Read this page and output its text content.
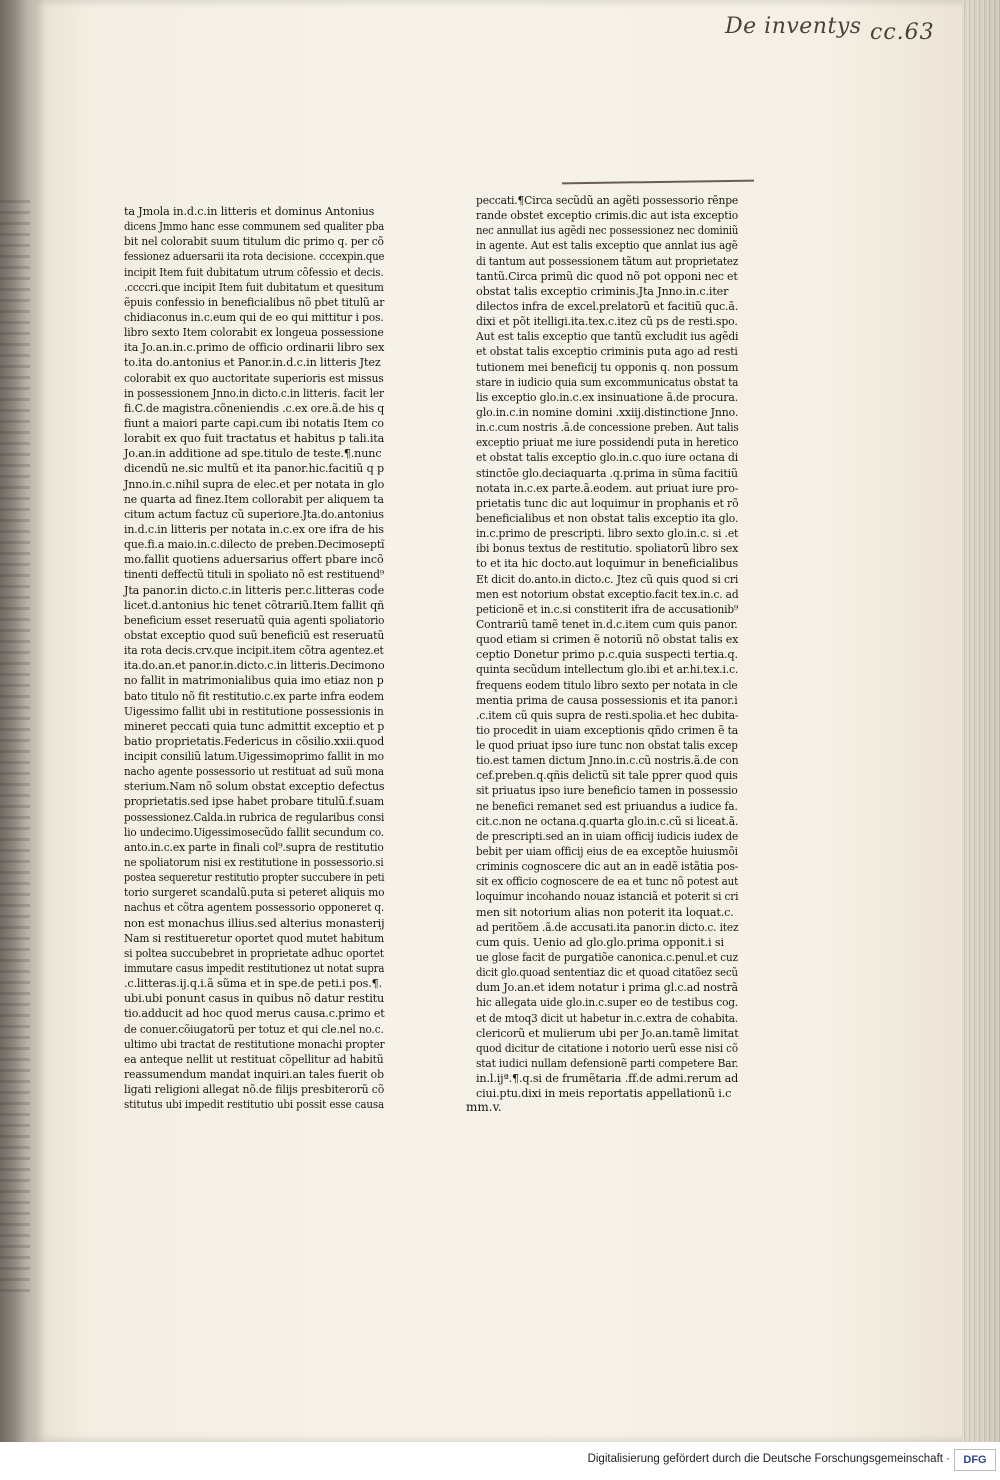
De inventys cc.63
ta Jmola in.d.c.in litteris et dominus Antonius
dicens Jmmo hanc esse communem sed qualiter pba
bit nel colorabit suum titulum dic primo q. per cõ
fessionez aduersarii ita rota decisione. cccexpin.que
incipit Item fuit dubitatum utrum cõfessio et decis.
.ccccri.que incipit Item fuit dubitatum et quesitum
ẽpuis confessio in beneficialibus nõ pbet titulũ ar
chidiaconus in.c.eum qui de eo qui mittitur i pos.
libro sexto Item colorabit ex longeua possessione
ita Jo.an.in.c.primo de officio ordinarii libro sex
to.ita do.antonius et Panor.in.d.c.in litteris Jtez
colorabit ex quo auctoritate superioris est missus
in possessionem Jnno.in dicto.c.in litteris. facit ler
fi.C.de magistra.cõneniendis .c.ex ore.ã.de his q
fiunt a maiori parte capi.cum ibi notatis Item co
lorabit ex quo fuit tractatus et habitus p tali.ita
Jo.an.in additione ad spe.titulo de teste.¶.nunc
dicendũ ne.sic multũ et ita panor.hic.facitiũ q p
Jnno.in.c.nihil supra de elec.et per notata in glo
ne quarta ad finez.Item collorabit per aliquem ta
citum actum factuz cũ superiore.Jta.do.antonius
in.d.c.in litteris per notata in.c.ex ore ifra de his
que.fi.a maio.in.c.dilecto de preben.Decimoseptĩ
mo.fallit quotiens aduersarius offert pbare incõ
tinenti deffectũ tituli in spoliato nõ est restituend⁹
Jta panor.in dicto.c.in litteris per.c.litteras coḋe
licet.d.antonius hic tenet cõtrariũ.Item fallit qñ
beneficium esset reseruatũ quia agenti spoliatorio
obstat exceptio quod suũ beneficiũ est reseruatũ
ita rota decis.crv.que incipit.item cõtra agentez.et
ita.do.an.et panor.in.dicto.c.in litteris.Decimono
no fallit in matrimonialibus quia imo etiaz non p
bato titulo nõ fit restitutio.c.ex parte infra eodem
Uigessimo fallit ubi in restitutione possessionis in
mineret peccati quia tunc admittit exceptio et p
batio proprietatis.Federicus in cõsilio.xxii.quod
incipit consiliũ latum.Uigessimoprimo fallit in mo
nacho agente possessorio ut restituat ad suũ mona
sterium.Nam nõ solum obstat exceptio defectus
proprietatis.sed ipse habet probare titulũ.f.suam
possessionez.Calda.in rubrica de regularibus consi
lio undecimo.Uigessimosecũdo fallit secundum co.
anto.in.c.ex parte in finali col⁹.supra de restitutio
ne spoliatorum nisi ex restitutione in possessorio.si
postea sequeretur restitutio propter succubere in peti
torio surgeret scandalũ.puta si peteret aliquis mo
nachus et cõtra agentem possessorio opponeret q.
non est monachus illius.sed alterius monasterij
Nam si restitueretur oportet quod mutet habitum
si poltea succubebret in proprietate adhuc oportet
immutare casus impedit restitutionez ut notat supra
.c.litteras.ij.q.i.ã sũma et in spe.de peti.i pos.¶.
ubi.ubi ponunt casus in quibus nõ datur restitu
tio.adducit ad hoc quod merus causa.c.primo et
de conuer.cõiugatorũ per totuz et qui cle.nel no.c.
ultimo ubi tractat de restitutione monachi propter
ea anteque nellit ut restituat cõpellitur ad habitũ
reassumendum mandat inquiri.an tales fuerit ob
ligati religioni allegat nõ.de filijs presbiterorũ cõ
stitutus ubi impedit restitutio ubi possit esse causa
peccati.¶Circa secũdũ an agẽti possessorio rẽnpe
rande obstet exceptio crimis.dic aut ista exceptio
nec annullat ius agẽdi nec possessionez nec dominiũ
in agente. Aut est talis exceptio que annlat ius agẽ
di tantum aut possessionem tãtum aut proprietatez
tantũ.Circa primũ dic quod nõ pot opponi nec et
obstat talis exceptio criminis.Jta Jnno.in.c.iter
dilectos infra de excel.prelatorũ et facitiũ quc.ã.
dixi et põt itelligi.ita.tex.c.itez cũ ps de resti.spo.
Aut est talis exceptio que tantũ excludit ius agẽdi
et obstat talis exceptio criminis puta ago ad resti
tutionem mei beneficij tu opponis q. non possum
stare in iudicio quia sum excommunicatus obstat ta
lis exceptio glo.in.c.ex insinuatione ã.de procura.
glo.in.c.in nomine domini .xxiij.distinctione Jnno.
in.c.cum nostris .ã.de concessione preben. Aut talis
exceptio priuat me iure possidendi puta in heretico
et obstat talis exceptio glo.in.c.quo iure octana di
stinctõe glo.deciaquarta .q.prima in sũma facitiũ
notata in.c.ex parte.ã.eodem. aut priuat iure pro-
prietatis tunc dic aut loquimur in prophanis et rõ
beneficialibus et non obstat talis exceptio ita glo.
in.c.primo de prescripti. libro sexto glo.in.c. si .et
ibi bonus textus de restitutio. spoliatorũ libro sex
to et ita hic docto.aut loquimur in beneficialibus
Et dicit do.anto.in dicto.c. Jtez cũ quis quod si cri
men est notorium obstat exceptio.facit tex.in.c. ad
peticionẽ et in.c.si constiterit ifra de accusationib⁹
Contrariũ tamẽ tenet in.d.c.item cum quis panor.
quod etiam si crimen ẽ notoriũ nõ obstat talis ex
ceptio Donetur primo p.c.quia suspecti tertia.q.
quinta secũdum intellectum glo.ibi et ar.hi.tex.i.c.
frequens eodem titulo libro sexto per notata in cle
mentia prima de causa possessionis et ita panor.i
.c.item cũ quis supra de resti.spolia.et hec dubita-
tio procedit in uiam exceptionis qñdo crimen ẽ ta
le quod priuat ipso iure tunc non obstat talis excep
tio.est tamen dictum Jnno.in.c.cũ nostris.ã.de con
cef.preben.q.qñis delictũ sit tale pprer quod quis
sit priuatus ipso iure beneficio tamen in possessio
ne benefici remanet sed est priuandus a iudice fa.
cit.c.non ne octana.q.quarta glo.in.c.cũ si liceat.ã.
de prescripti.sed an in uiam officij iudicis iudex de
bebit per uiam officij eius de ea exceptõe huiusmõi
criminis cognoscere dic aut an in eadẽ istãtia pos-
sit ex officio cognoscere de ea et tunc nõ potest aut
loquimur incohando nouaz istanciã et poterit si cri
men sit notorium alias non poterit ita loquat.c.
ad peritõem .ã.de accusati.ita panor.in dicto.c. itez
cum quis. Uenio ad glo.glo.prima opponit.i si
ue glose facit de purgatiõe canonica.c.penul.et cuz
dicit glo.quoad sententiaz dic et quoad citatõez secũ
dum Jo.an.et idem notatur i prima gl.c.ad nostrã
hic allegata uide glo.in.c.super eo de testibus cog.
et de mtoq3 dicit ut habetur in.c.extra de cohabita.
clericorũ et mulierum ubi per Jo.an.tamẽ limitat
quod dicitur de citatione i notorio uerũ esse nisi cõ
stat iudici nullam defensionẽ parti competere Bar.
in.l.ijª.¶.q.si de frumẽtaria .ff.de admi.rerum ad
ciui.ptu.dixi in meis reportatis appellationũ i.c
mm.v.
Digitalisierung gefördert durch die Deutsche Forschungsgemeinschaft ·	DFG
